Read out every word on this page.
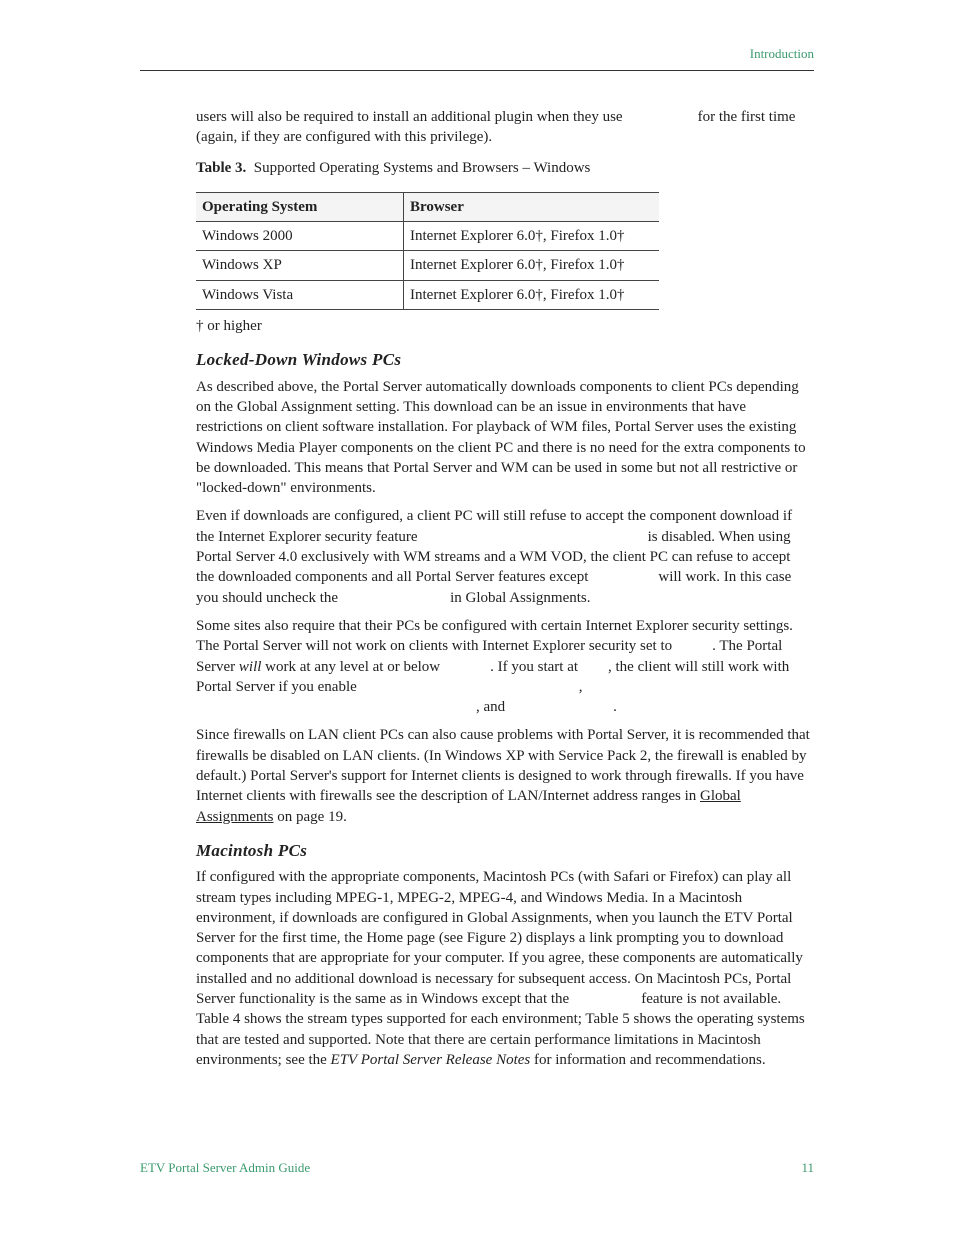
Introduction

users will also be required to install an additional plugin when they use	for the first time (again, if they are configured with this privilege).

Table 3. Supported Operating Systems and Browsers – Windows
Operating System	Browser
Windows 2000	Internet Explorer 6.0†, Firefox 1.0†
Windows XP	Internet Explorer 6.0†, Firefox 1.0†
Windows Vista	Internet Explorer 6.0†, Firefox 1.0†
† or higher
Locked-Down Windows PCs

As described above, the Portal Server automatically downloads components to client PCs depending on the Global Assignment setting. This download can be an issue in environments that have restrictions on client software installation. For playback of WM files, Portal Server uses the existing Windows Media Player components on the client PC and there is no need for the extra components to be downloaded. This means that Portal Server and WM can be used in some but not all restrictive or "locked-down" environments.

Even if downloads are configured, a client PC will still refuse to accept the component download if the Internet Explorer security feature	is disabled. When using Portal Server 4.0 exclusively with WM streams and a WM VOD, the client PC can refuse to accept the downloaded components and all Portal Server features except	will work. In this case you should uncheck the	in Global Assignments.

Some sites also require that their PCs be configured with certain Internet Explorer security settings. The Portal Server will not work on clients with Internet Explorer security set to	. The Portal Server will work at any level at or below	. If you start at , the client will still work with Portal Server if you enable	,, and	.

Since firewalls on LAN client PCs can also cause problems with Portal Server, it is recommended that firewalls be disabled on LAN clients. (In Windows XP with Service Pack 2, the firewall is enabled by default.) Portal Server's support for Internet clients is designed to work through firewalls. If you have Internet clients with firewalls see the description of LAN/Internet address ranges in Global Assignments on page 19.

Macintosh PCs

If configured with the appropriate components, Macintosh PCs (with Safari or Firefox) can play all stream types including MPEG-1, MPEG-2, MPEG-4, and Windows Media. In a Macintosh environment, if downloads are configured in Global Assignments, when you launch the ETV Portal Server for the first time, the Home page (see Figure 2) displays a link prompting you to download components that are appropriate for your computer. If you agree, these components are automatically installed and no additional download is necessary for subsequent access. On Macintosh PCs, Portal Server functionality is the same as in Windows except that the	feature is not available. Table 4 shows the stream types supported for each environment; Table 5 shows the operating systems that are tested and supported. Note that there are certain performance limitations in Macintosh environments; see the ETV Portal Server Release Notes for information and recommendations.

ETV Portal Server Admin Guide	11
